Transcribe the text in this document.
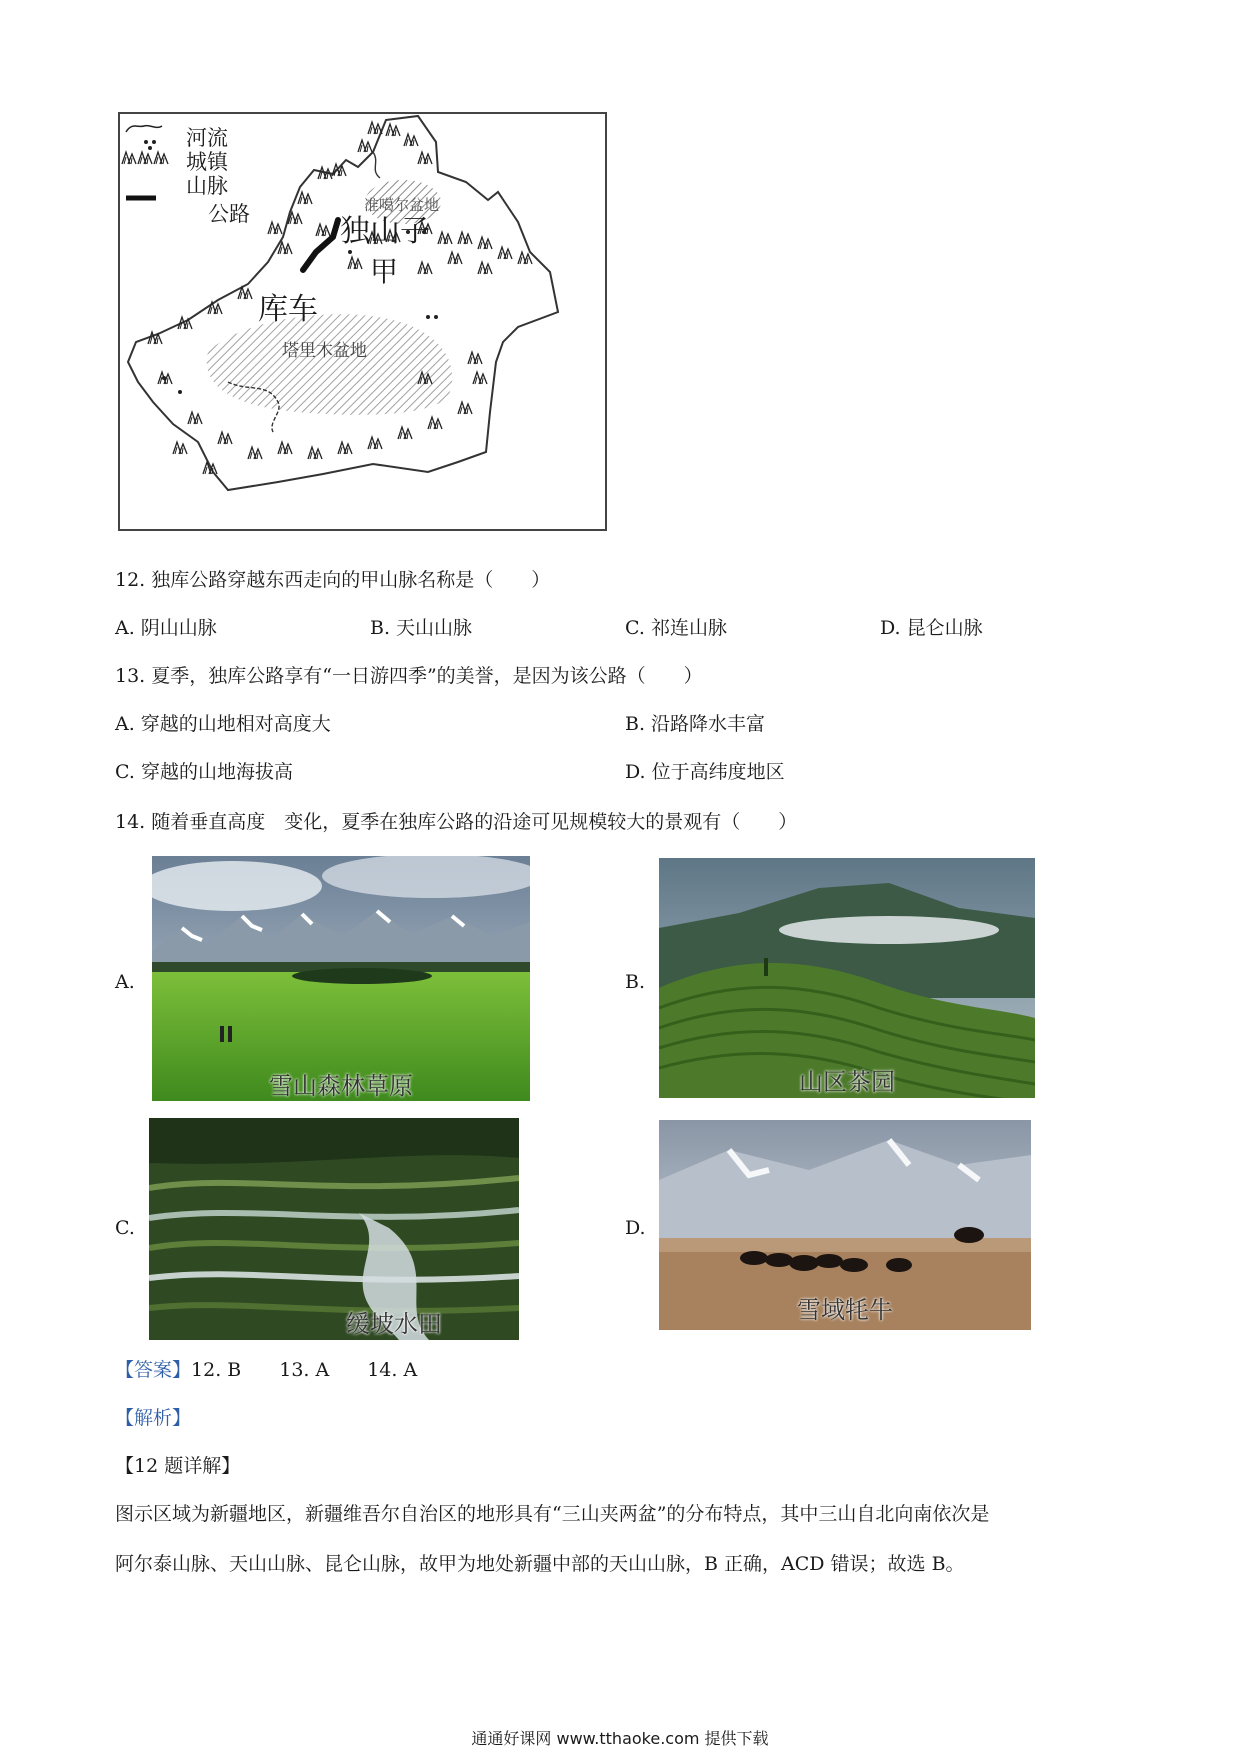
河流
城镇
山脉
公路	准噶尔盆地
独山子
甲
库车
塔里木盆地
12. 独库公路穿越东西走向的甲山脉名称是（　　）
A. 阴山山脉	B. 天山山脉	C. 祁连山脉	D. 昆仑山脉
13. 夏季，独库公路享有“一日游四季”的美誉，是因为该公路（　　）
A. 穿越的山地相对高度大	B. 沿路降水丰富
C. 穿越的山地海拔高	D. 位于高纬度地区
14. 随着垂直高度　变化，夏季在独库公路的沿途可见规模较大的景观有（　　）
A.
雪山森林草原
B.
山区茶园
C.
缓坡水田
D.
雪域牦牛
【答案】12. B　　13. A　　14. A
【解析】
【12 题详解】
图示区域为新疆地区，新疆维吾尔自治区的地形具有“三山夹两盆”的分布特点，其中三山自北向南依次是
阿尔泰山脉、天山山脉、昆仑山脉，故甲为地处新疆中部的天山山脉，B 正确，ACD 错误；故选 B。
通通好课网 www.tthaoke.com 提供下载
